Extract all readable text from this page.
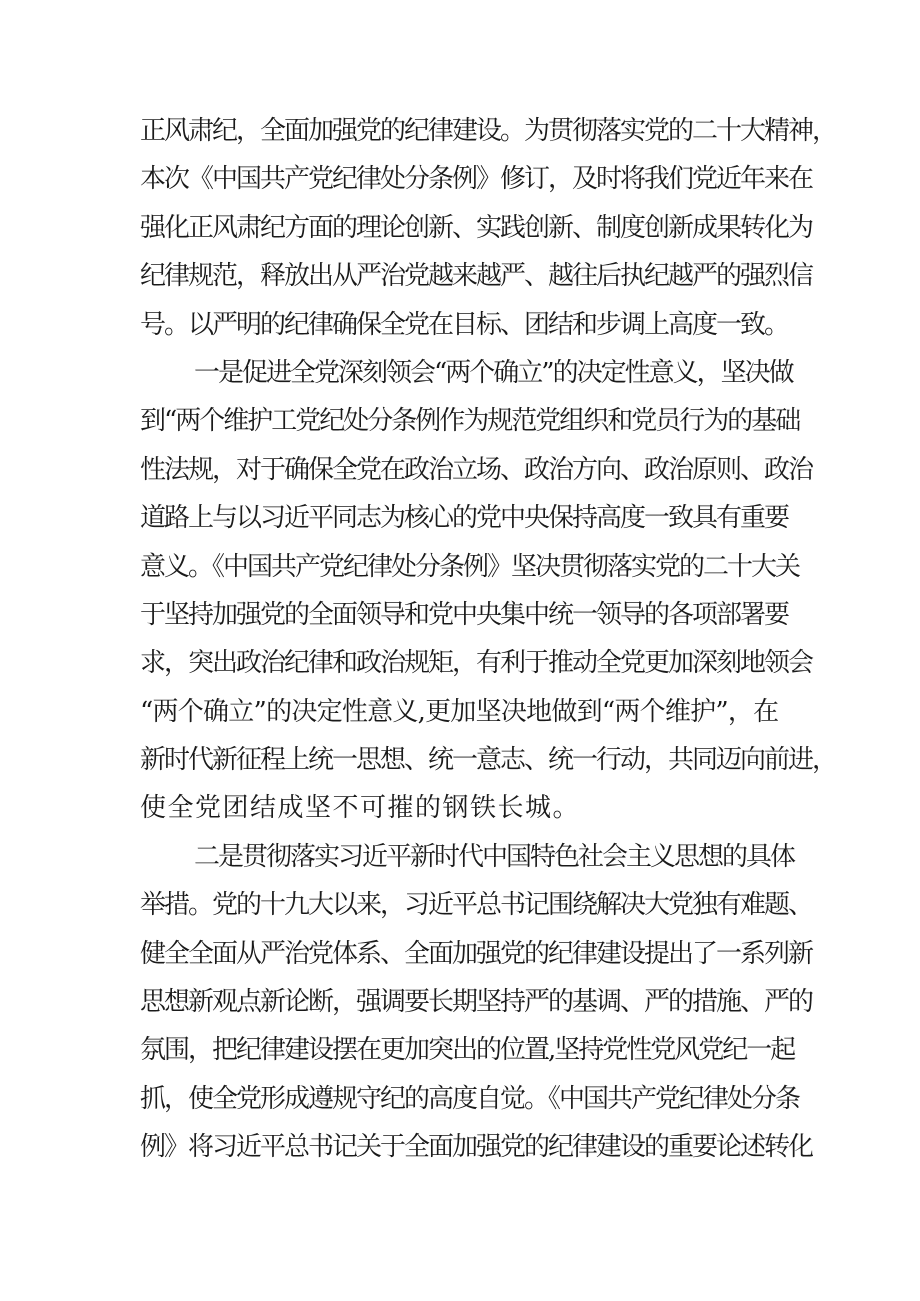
正风肃纪，全面加强党的纪律建设。为贯彻落实党的二十大精神，
本次《中国共产党纪律处分条例》修订，及时将我们党近年来在
强化正风肃纪方面的理论创新、实践创新、制度创新成果转化为
纪律规范，释放出从严治党越来越严、越往后执纪越严的强烈信
号。以严明的纪律确保全党在目标、团结和步调上高度一致。
一是促进全党深刻领会“两个确立”的决定性意义，坚决做
到“两个维护工党纪处分条例作为规范党组织和党员行为的基础
性法规，对于确保全党在政治立场、政治方向、政治原则、政治
道路上与以习近平同志为核心的党中央保持高度一致具有重要
意义。《中国共产党纪律处分条例》坚决贯彻落实党的二十大关
于坚持加强党的全面领导和党中央集中统一领导的各项部署要
求，突出政治纪律和政治规矩，有利于推动全党更加深刻地领会
“两个确立”的决定性意义,更加坚决地做到“两个维护”，在
新时代新征程上统一思想、统一意志、统一行动，共同迈向前进，
使全党团结成坚不可摧的钢铁长城。
二是贯彻落实习近平新时代中国特色社会主义思想的具体
举措。党的十九大以来，习近平总书记围绕解决大党独有难题、
健全全面从严治党体系、全面加强党的纪律建设提出了一系列新
思想新观点新论断，强调要长期坚持严的基调、严的措施、严的
氛围，把纪律建设摆在更加突出的位置,坚持党性党风党纪一起
抓，使全党形成遵规守纪的高度自觉。《中国共产党纪律处分条
例》将习近平总书记关于全面加强党的纪律建设的重要论述转化
